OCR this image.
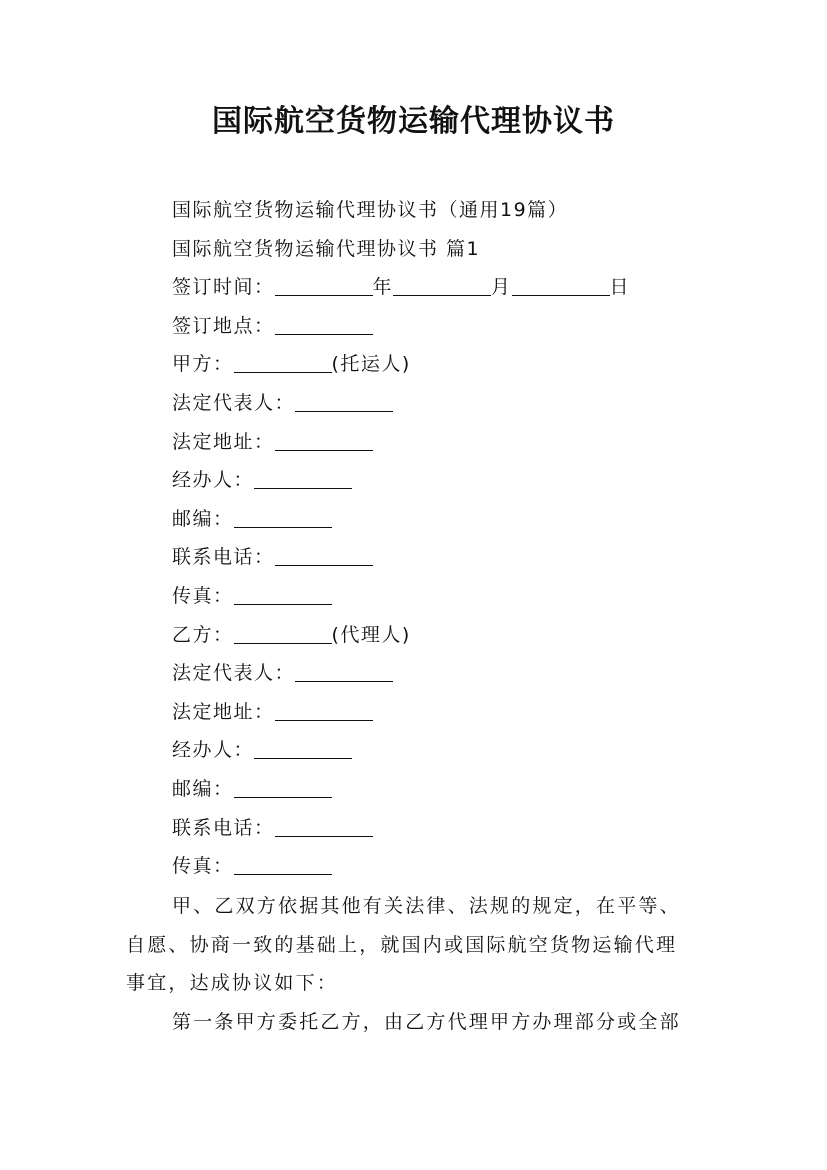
国际航空货物运输代理协议书
国际航空货物运输代理协议书（通用19篇）
国际航空货物运输代理协议书 篇1
签订时间：	年	月	日
签订地点：
甲方：	(托运人)
法定代表人：
法定地址：
经办人：
邮编：
联系电话：
传真：
乙方：	(代理人)
法定代表人：
法定地址：
经办人：
邮编：
联系电话：
传真：
甲、乙双方依据其他有关法律、法规的规定，在平等、
自愿、协商一致的基础上，就国内或国际航空货物运输代理
事宜，达成协议如下：
第一条甲方委托乙方，由乙方代理甲方办理部分或全部
